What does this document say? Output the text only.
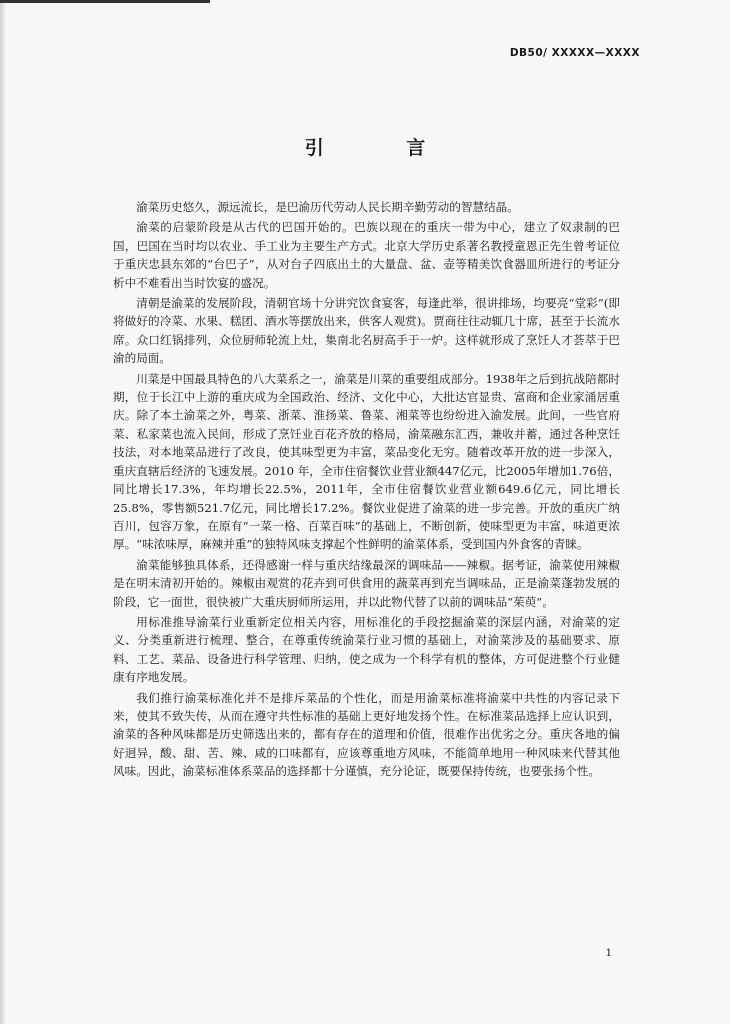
DB50/ XXXXX—XXXX
引 言

渝菜历史悠久，源远流长，是巴渝历代劳动人民长期辛勤劳动的智慧结晶。

渝菜的启蒙阶段是从古代的巴国开始的。巴族以现在的重庆一带为中心，建立了奴隶制的巴国，巴国在当时均以农业、手工业为主要生产方式。北京大学历史系著名教授童恩正先生曾考证位于重庆忠县东郊的“台巴子”，从对台子四底出土的大量盘、盆、壶等精美饮食器皿所进行的考证分析中不难看出当时饮宴的盛况。

清朝是渝菜的发展阶段，清朝官场十分讲究饮食宴客，每逢此举，很讲排场，均要亮“堂彩”(即将做好的冷菜、水果、糕团、酒水等摆放出来，供客人观赏)。贾商往往动辄几十席，甚至于长流水席。众口红锅排列，众位厨师轮流上灶，集南北名厨高手于一炉。这样就形成了烹饪人才荟萃于巴渝的局面。

川菜是中国最具特色的八大菜系之一，渝菜是川菜的重要组成部分。1938年之后到抗战陪都时期，位于长江中上游的重庆成为全国政治、经济、文化中心，大批达官显贵、富商和企业家涌居重庆。除了本土渝菜之外，粤菜、浙菜、淮扬菜、鲁菜、湘菜等也纷纷进入渝发展。此间，一些官府菜、私家菜也流入民间，形成了烹饪业百花齐放的格局，渝菜融东汇西，兼收并蓄，通过各种烹饪技法，对本地菜品进行了改良，使其味型更为丰富，菜品变化无穷。随着改革开放的进一步深入，重庆直辖后经济的飞速发展。2010 年，全市住宿餐饮业营业额447亿元，比2005年增加1.76倍，同比增长17.3%，年均增长22.5%，2011年，全市住宿餐饮业营业额649.6亿元，同比增长25.8%，零售额521.7亿元，同比增长17.2%。餐饮业促进了渝菜的进一步完善。开放的重庆广纳百川，包容万象，在原有“一菜一格、百菜百味”的基础上，不断创新，使味型更为丰富，味道更浓厚。“味浓味厚，麻辣并重”的独特风味支撑起个性鲜明的渝菜体系，受到国内外食客的青睐。

渝菜能够独具体系，还得感谢一样与重庆结缘最深的调味品——辣椒。据考证，渝菜使用辣椒是在明末清初开始的。辣椒由观赏的花卉到可供食用的蔬菜再到充当调味品，正是渝菜蓬勃发展的阶段，它一面世，很快被广大重庆厨师所运用，并以此物代替了以前的调味品“茱萸”。

用标准推导渝菜行业重新定位相关内容，用标准化的手段挖掘渝菜的深层内涵，对渝菜的定义、分类重新进行梳理、整合，在尊重传统渝菜行业习惯的基础上，对渝菜涉及的基础要求、原料、工艺、菜品、设备进行科学管理、归纳，使之成为一个科学有机的整体，方可促进整个行业健康有序地发展。

我们推行渝菜标准化并不是排斥菜品的个性化，而是用渝菜标准将渝菜中共性的内容记录下来，使其不致失传，从而在遵守共性标准的基础上更好地发扬个性。在标准菜品选择上应认识到，渝菜的各种风味都是历史筛选出来的，都有存在的道理和价值，很难作出优劣之分。重庆各地的偏好迥异，酸、甜、苦、辣、咸的口味都有，应该尊重地方风味，不能简单地用一种风味来代替其他风味。因此，渝菜标准体系菜品的选择都十分谨慎，充分论证，既要保持传统，也要张扬个性。

1
